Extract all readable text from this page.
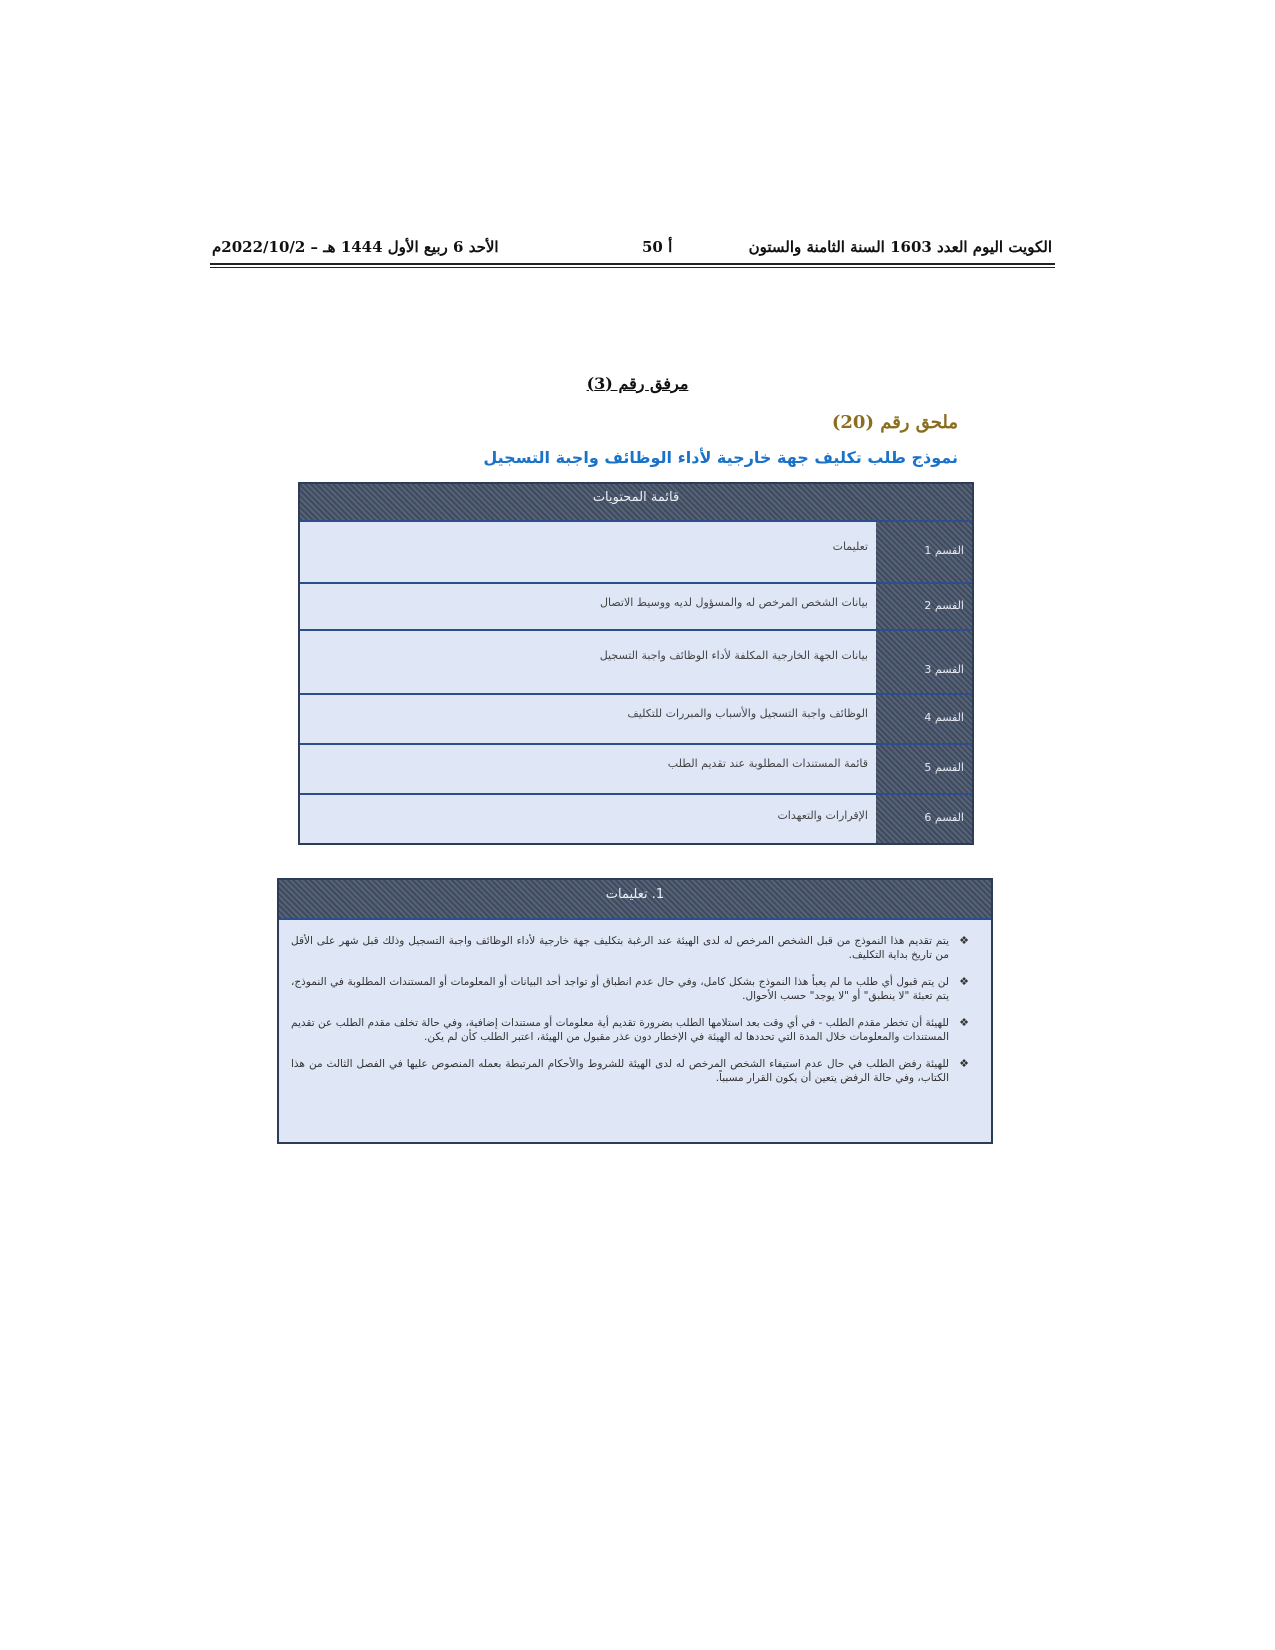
الكويت اليوم العدد 1603 السنة الثامنة والستون
أ 50
الأحد 6 ربيع الأول 1444 هـ – 2022/10/2م
مرفق رقم (3)
ملحق رقم (20)
نموذج طلب تكليف جهة خارجية لأداء الوظائف واجبة التسجيل
قائمة المحتويات
القسم 1
تعليمات
القسم 2
بيانات الشخص المرخص له والمسؤول لديه ووسيط الاتصال
القسم 3
بيانات الجهة الخارجية المكلفة لأداء الوظائف واجبة التسجيل
القسم 4
الوظائف واجبة التسجيل والأسباب والمبررات للتكليف
القسم 5
قائمة المستندات المطلوبة عند تقديم الطلب
القسم 6
الإقرارات والتعهدات
1. تعليمات
❖
يتم تقديم هذا النموذج من قبل الشخص المرخص له لدى الهيئة عند الرغبة بتكليف جهة خارجية لأداء الوظائف واجبة التسجيل وذلك قبل شهر على الأقل من تاريخ بداية التكليف.
❖
لن يتم قبول أي طلب ما لم يعبأ هذا النموذج بشكل كامل، وفي حال عدم انطباق أو تواجد أحد البيانات أو المعلومات أو المستندات المطلوبة في النموذج، يتم تعبئة "لا ينطبق" أو "لا يوجد" حسب الأحوال.
❖
للهيئة أن تخطر مقدم الطلب - في أي وقت بعد استلامها الطلب بضرورة تقديم أية معلومات أو مستندات إضافية، وفي حالة تخلف مقدم الطلب عن تقديم المستندات والمعلومات خلال المدة التي تحددها له الهيئة في الإخطار دون عذر مقبول من الهيئة، اعتبر الطلب كأن لم يكن.
❖
للهيئة رفض الطلب في حال عدم استيفاء الشخص المرخص له لدى الهيئة للشروط والأحكام المرتبطة بعمله المنصوص عليها في الفصل الثالث من هذا الكتاب، وفي حالة الرفض يتعين أن يكون القرار مسبباً.
